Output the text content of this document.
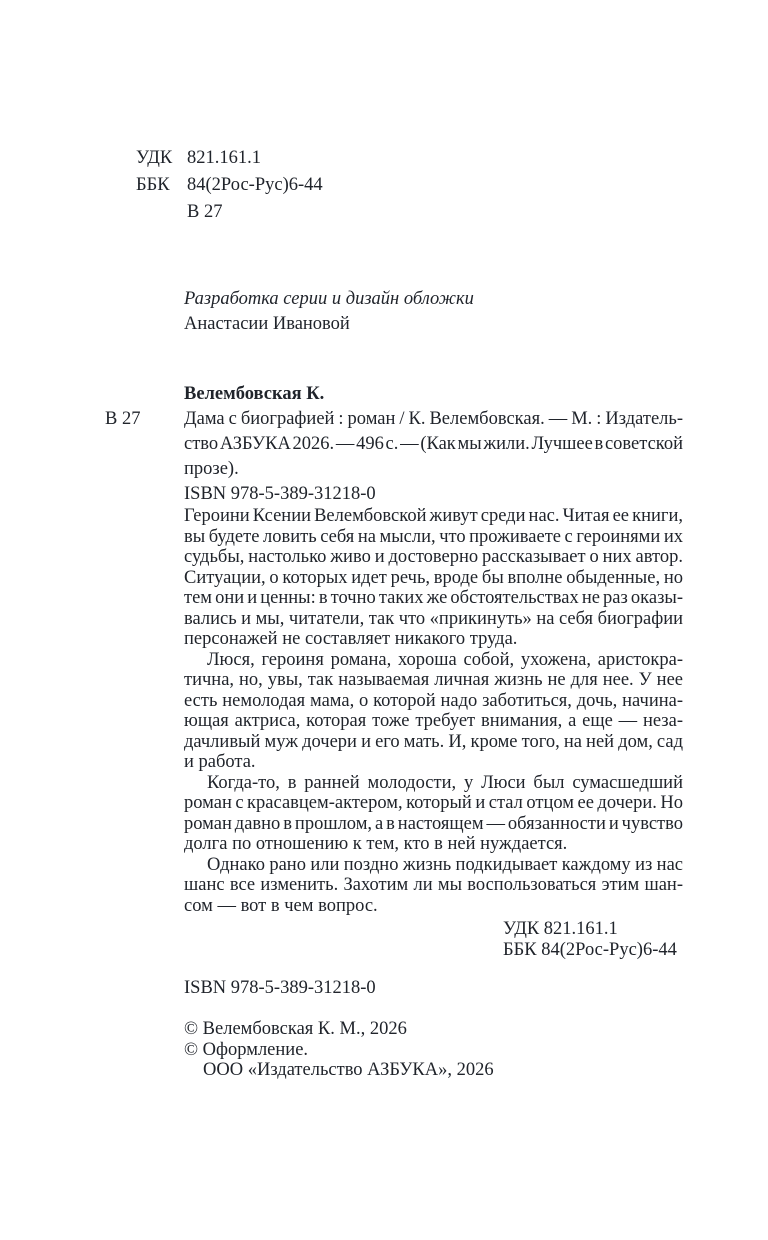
УДК 821.161.1
ББК 84(2Рос-Рус)6-44
В 27
Разработка серии и дизайн обложки
Анастасии Ивановой
Велембовская К.
В 27 Дама с биографией : роман / К. Велембовская. — М. : Издатель-
ство АЗБУКА 2026. — 496 с. — (Как мы жили. Лучшее в советской
прозе).
ISBN 978-5-389-31218-0
Героини Ксении Велембовской живут среди нас. Читая ее книги,
вы будете ловить себя на мысли, что проживаете с героинями их
судьбы, настолько живо и достоверно рассказывает о них автор.
Ситуации, о которых идет речь, вроде бы вполне обыденные, но
тем они и ценны: в точно таких же обстоятельствах не раз оказы-
вались и мы, читатели, так что «прикинуть» на себя биографии
персонажей не составляет никакого труда.
Люся, героиня романа, хороша собой, ухожена, аристокра-
тична, но, увы, так называемая личная жизнь не для нее. У нее
есть немолодая мама, о которой надо заботиться, дочь, начина-
ющая актриса, которая тоже требует внимания, а еще — неза-
дачливый муж дочери и его мать. И, кроме того, на ней дом, сад
и работа.
Когда-то, в ранней молодости, у Люси был сумасшедший
роман с красавцем-актером, который и стал отцом ее дочери. Но
роман давно в прошлом, а в настоящем — обязанности и чувство
долга по отношению к тем, кто в ней нуждается.
Однако рано или поздно жизнь подкидывает каждому из нас
шанс все изменить. Захотим ли мы воспользоваться этим шан-
сом — вот в чем вопрос.
УДК 821.161.1
ББК 84(2Рос-Рус)6-44
ISBN 978-5-389-31218-0
© Велембовская К. М., 2026
© Оформление.
ООО «Издательство АЗБУКА», 2026
